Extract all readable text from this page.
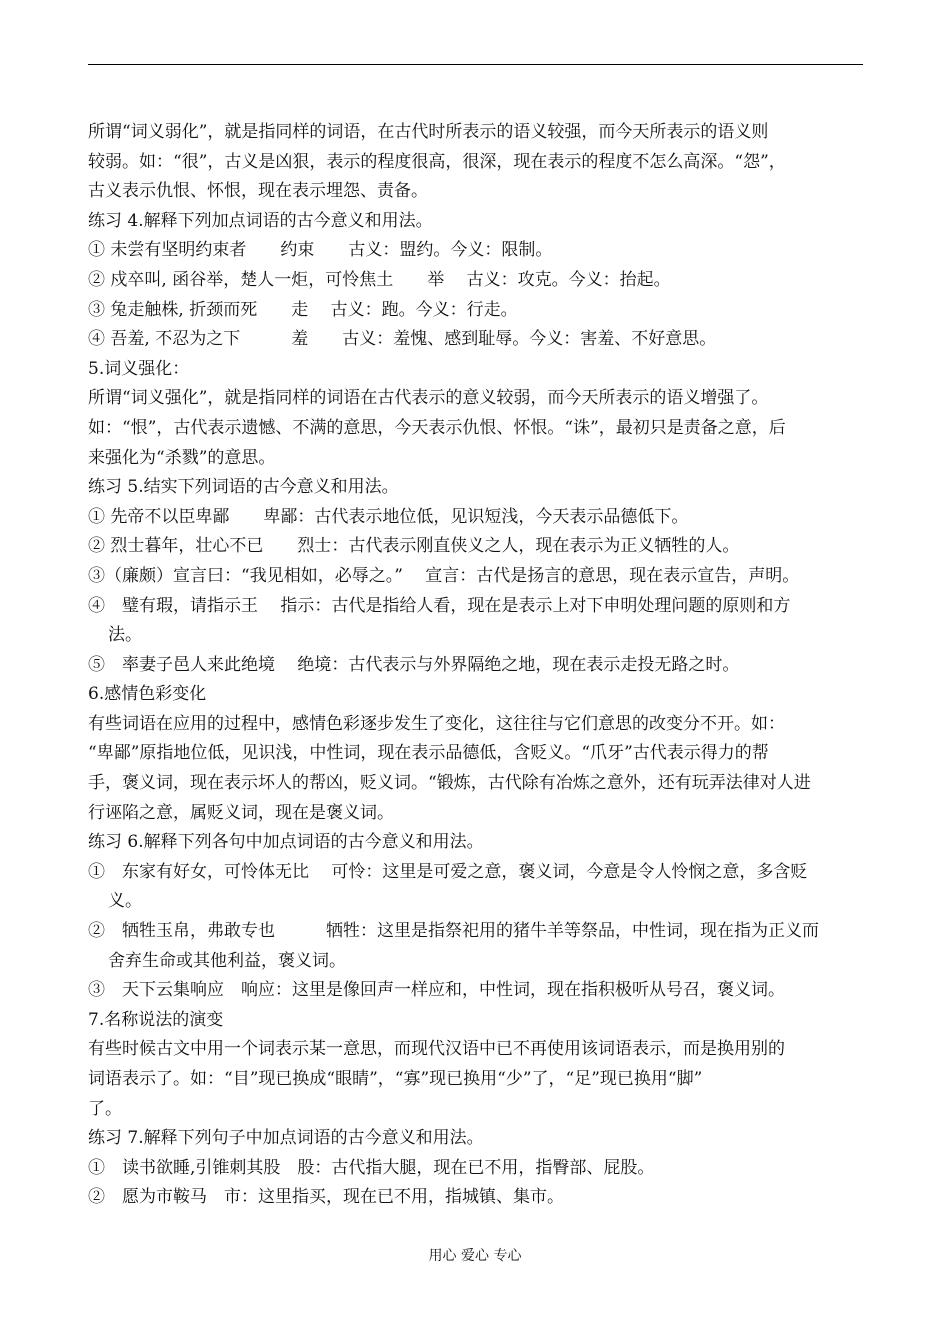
所谓“词义弱化”，就是指同样的词语，在古代时所表示的语义较强，而今天所表示的语义则
较弱。如：“很”，古义是凶狠，表示的程度很高，很深，现在表示的程度不怎么高深。“怨”，
古义表示仇恨、怀恨，现在表示埋怨、责备。
练习 4.解释下列加点词语的古今意义和用法。
① 未尝有坚明约束者　　约束　　古义：盟约。今义：限制。
② 戍卒叫, 函谷举，楚人一炬，可怜焦土　　举　 古义：攻克。今义：抬起。
③ 兔走触株, 折颈而死　　走　 古义：跑。今义：行走。
④ 吾羞, 不忍为之下　　　羞　　古义：羞愧、感到耻辱。今义：害羞、不好意思。
5.词义强化：
所谓“词义强化”，就是指同样的词语在古代表示的意义较弱，而今天所表示的语义增强了。
如：“恨”，古代表示遗憾、不满的意思，今天表示仇恨、怀恨。“诛”，最初只是责备之意，后
来强化为“杀戮”的意思。
练习 5.结实下列词语的古今意义和用法。
① 先帝不以臣卑鄙　　卑鄙：古代表示地位低，见识短浅，今天表示品德低下。
② 烈士暮年，壮心不已　　烈士：古代表示刚直侠义之人，现在表示为正义牺牲的人。
③（廉颇）宣言曰：“我见相如，必辱之。”　 宣言：古代是扬言的意思，现在表示宣告，声明。
④　璧有瑕，请指示王　 指示：古代是指给人看，现在是表示上对下申明处理问题的原则和方
法。
⑤　率妻子邑人来此绝境　 绝境：古代表示与外界隔绝之地，现在表示走投无路之时。
6.感情色彩变化
有些词语在应用的过程中，感情色彩逐步发生了变化，这往往与它们意思的改变分不开。如：
“卑鄙”原指地位低，见识浅，中性词，现在表示品德低，含贬义。“爪牙”古代表示得力的帮
手，褒义词，现在表示坏人的帮凶，贬义词。“锻炼，古代除有冶炼之意外，还有玩弄法律对人进
行诬陷之意，属贬义词，现在是褒义词。
练习 6.解释下列各句中加点词语的古今意义和用法。
①　东家有好女，可怜体无比　 可怜：这里是可爱之意，褒义词，今意是令人怜悯之意，多含贬
义。
②　牺牲玉帛，弗敢专也　　　牺牲：这里是指祭祀用的猪牛羊等祭品，中性词，现在指为正义而
舍弃生命或其他利益，褒义词。
③　天下云集响应　响应：这里是像回声一样应和，中性词，现在指积极听从号召，褒义词。
7.名称说法的演变
有些时候古文中用一个词表示某一意思，而现代汉语中已不再使用该词语表示，而是换用别的
词语表示了。如：“目”现已换成“眼睛”，“寡”现已换用“少”了，“足”现已换用“脚”
了。
练习 7.解释下列句子中加点词语的古今意义和用法。
①　读书欲睡,引锥刺其股　股：古代指大腿，现在已不用，指臀部、屁股。
②　愿为市鞍马　市：这里指买，现在已不用，指城镇、集市。
用心 爱心 专心
